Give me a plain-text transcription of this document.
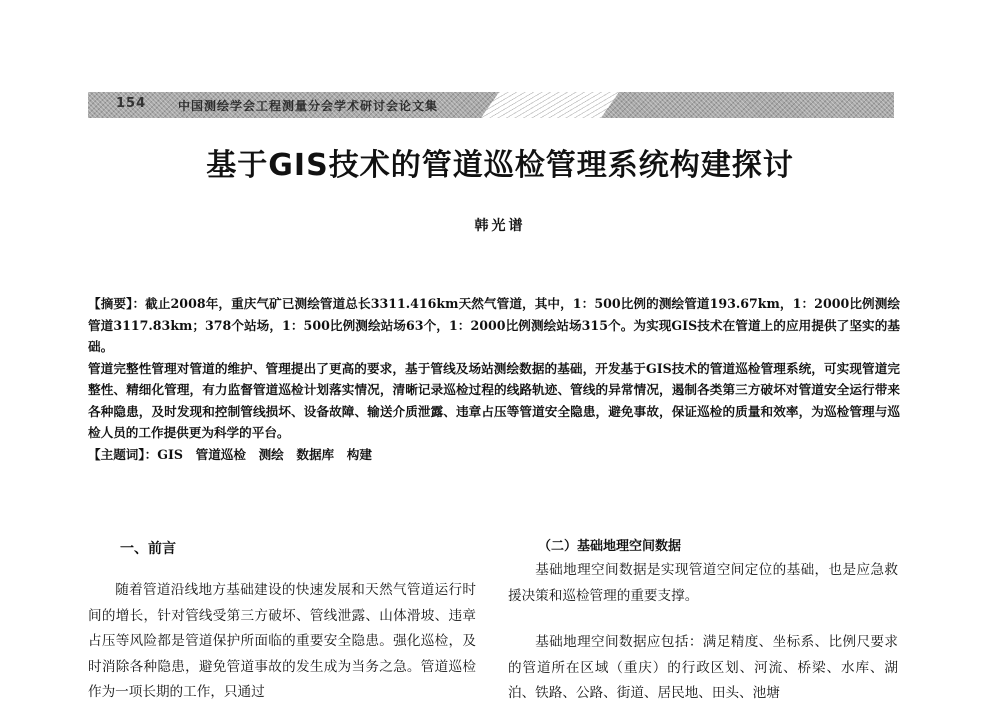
154	中国测绘学会工程测量分会学术研讨会论文集
基于GIS技术的管道巡检管理系统构建探讨
韩光谱

【摘要】：截止2008年，重庆气矿已测绘管道总长3311.416km天然气管道，其中，1：500比例的测绘管道193.67km，1：2000比例测绘管道3117.83km；378个站场，1：500比例测绘站场63个，1：2000比例测绘站场315个。为实现GIS技术在管道上的应用提供了坚实的基础。

管道完整性管理对管道的维护、管理提出了更高的要求，基于管线及场站测绘数据的基础，开发基于GIS技术的管道巡检管理系统，可实现管道完整性、精细化管理，有力监督管道巡检计划落实情况，清晰记录巡检过程的线路轨迹、管线的异常情况，遏制各类第三方破坏对管道安全运行带来各种隐患，及时发现和控制管线损坏、设备故障、输送介质泄露、违章占压等管道安全隐患，避免事故，保证巡检的质量和效率，为巡检管理与巡检人员的工作提供更为科学的平台。

【主题词】：GIS　管道巡检　测绘　数据库　构建

一、前言

随着管道沿线地方基础建设的快速发展和天然气管道运行时间的增长，针对管线受第三方破坏、管线泄露、山体滑坡、违章占压等风险都是管道保护所面临的重要安全隐患。强化巡检，及时消除各种隐患，避免管道事故的发生成为当务之急。管道巡检作为一项长期的工作，只通过

（二）基础地理空间数据

基础地理空间数据是实现管道空间定位的基础，也是应急救援决策和巡检管理的重要支撑。

基础地理空间数据应包括：满足精度、坐标系、比例尺要求的管道所在区域（重庆）的行政区划、河流、桥梁、水库、湖泊、铁路、公路、街道、居民地、田头、池塘
